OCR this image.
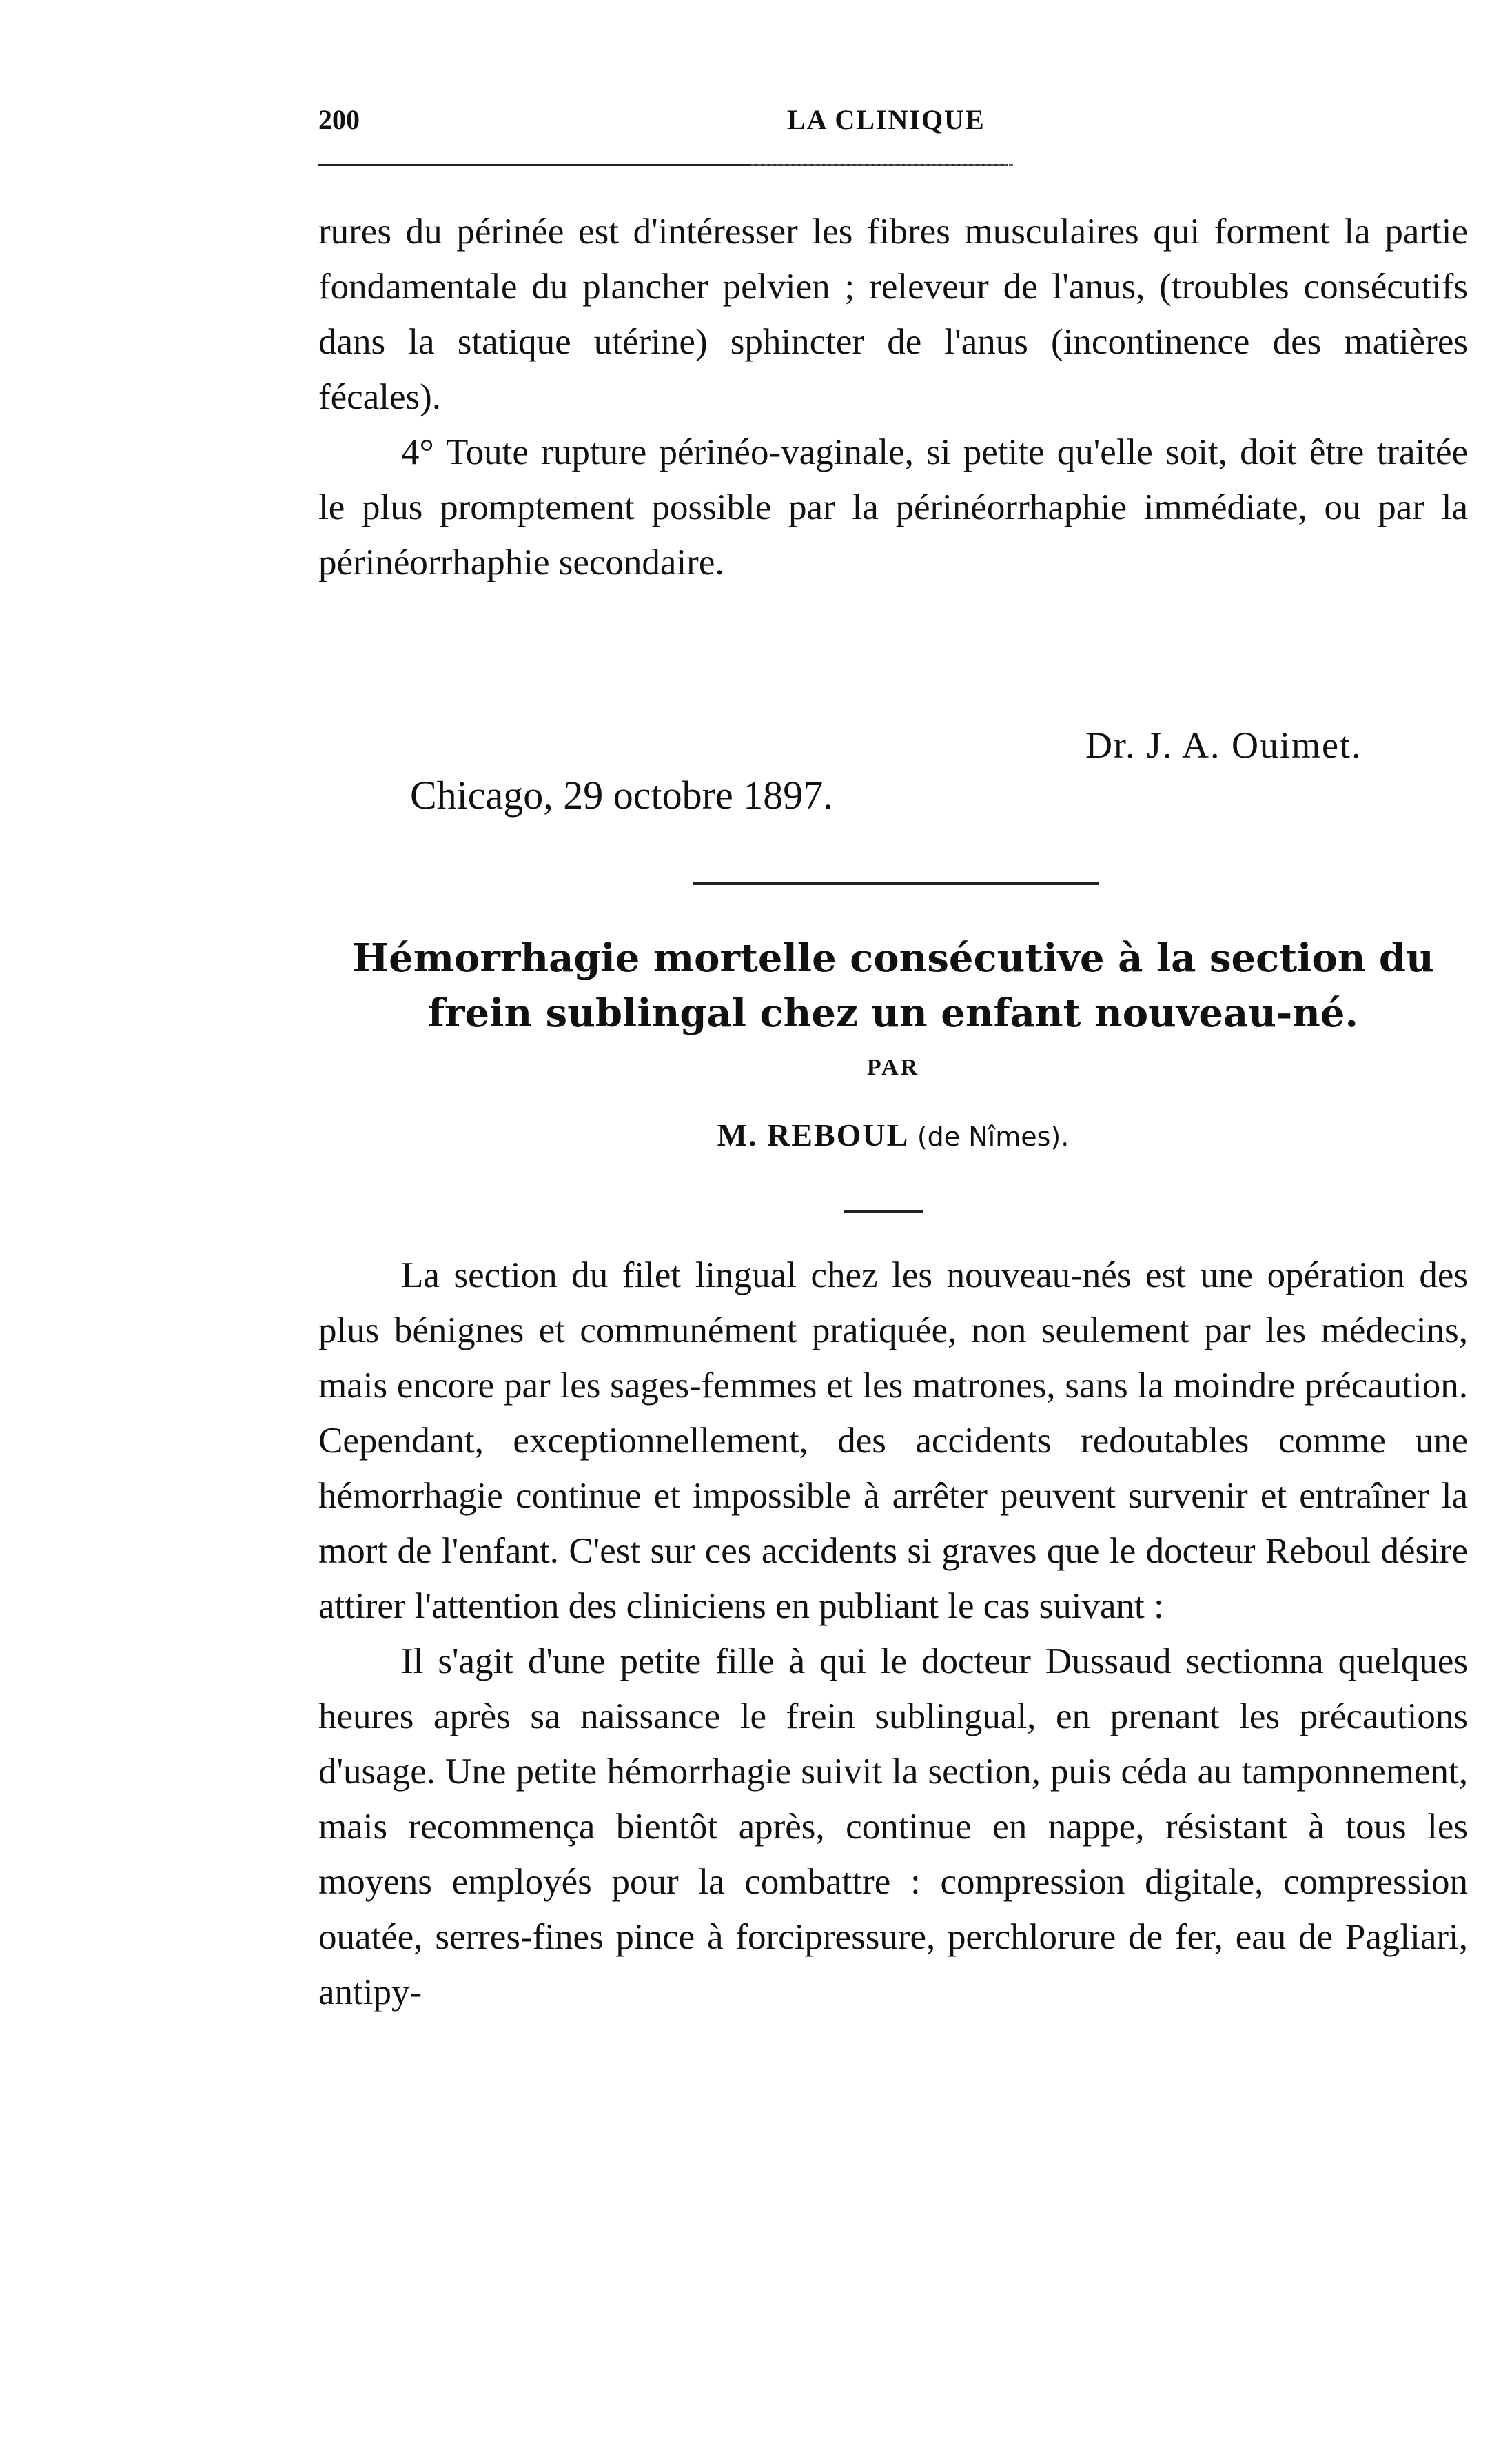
200	LA CLINIQUE

rures du périnée est d'intéresser les fibres musculaires qui forment la partie fondamentale du plancher pelvien ; releveur de l'anus, (troubles consécutifs dans la statique utérine) sphincter de l'anus (incontinence des matières fécales).

4° Toute rupture périnéo-vaginale, si petite qu'elle soit, doit être traitée le plus promptement possible par la périnéorrhaphie immédiate, ou par la périnéorrhaphie secondaire.

Dr. J. A. Ouimet.
Chicago, 29 octobre 1897.
Hémorrhagie mortelle consécutive à la section du frein sublingal chez un enfant nouveau-né.
PAR
M. REBOUL (de Nîmes).

La section du filet lingual chez les nouveau-nés est une opération des plus bénignes et communément pratiquée, non seulement par les médecins, mais encore par les sages-femmes et les matrones, sans la moindre précaution. Cependant, exceptionnellement, des accidents redoutables comme une hémorrhagie continue et impossible à arrêter peuvent survenir et entraîner la mort de l'enfant. C'est sur ces accidents si graves que le docteur Reboul désire attirer l'attention des cliniciens en publiant le cas suivant :

Il s'agit d'une petite fille à qui le docteur Dussaud sectionna quelques heures après sa naissance le frein sublingual, en prenant les précautions d'usage. Une petite hémorrhagie suivit la section, puis céda au tamponnement, mais recommença bientôt après, continue en nappe, résistant à tous les moyens employés pour la combattre : compression digitale, compression ouatée, serres-fines pince à forcipressure, perchlorure de fer, eau de Pagliari, antipy-
